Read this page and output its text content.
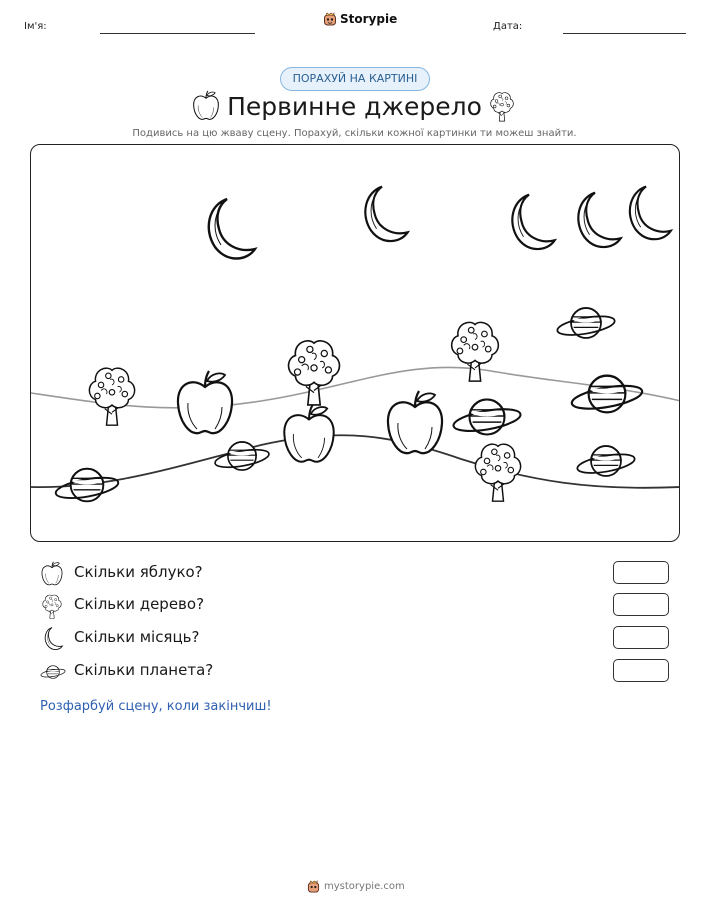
Ім'я:
Storypie
Дата:
ПОРАХУЙ НА КАРТИНІ
Первинне джерело
Подивись на цю жваву сцену. Порахуй, скільки кожної картинки ти можеш знайти.
Скільки яблуко?
Скільки дерево?
Скільки місяць?
Скільки планета?
Розфарбуй сцену, коли закінчиш!
mystorypie.com
